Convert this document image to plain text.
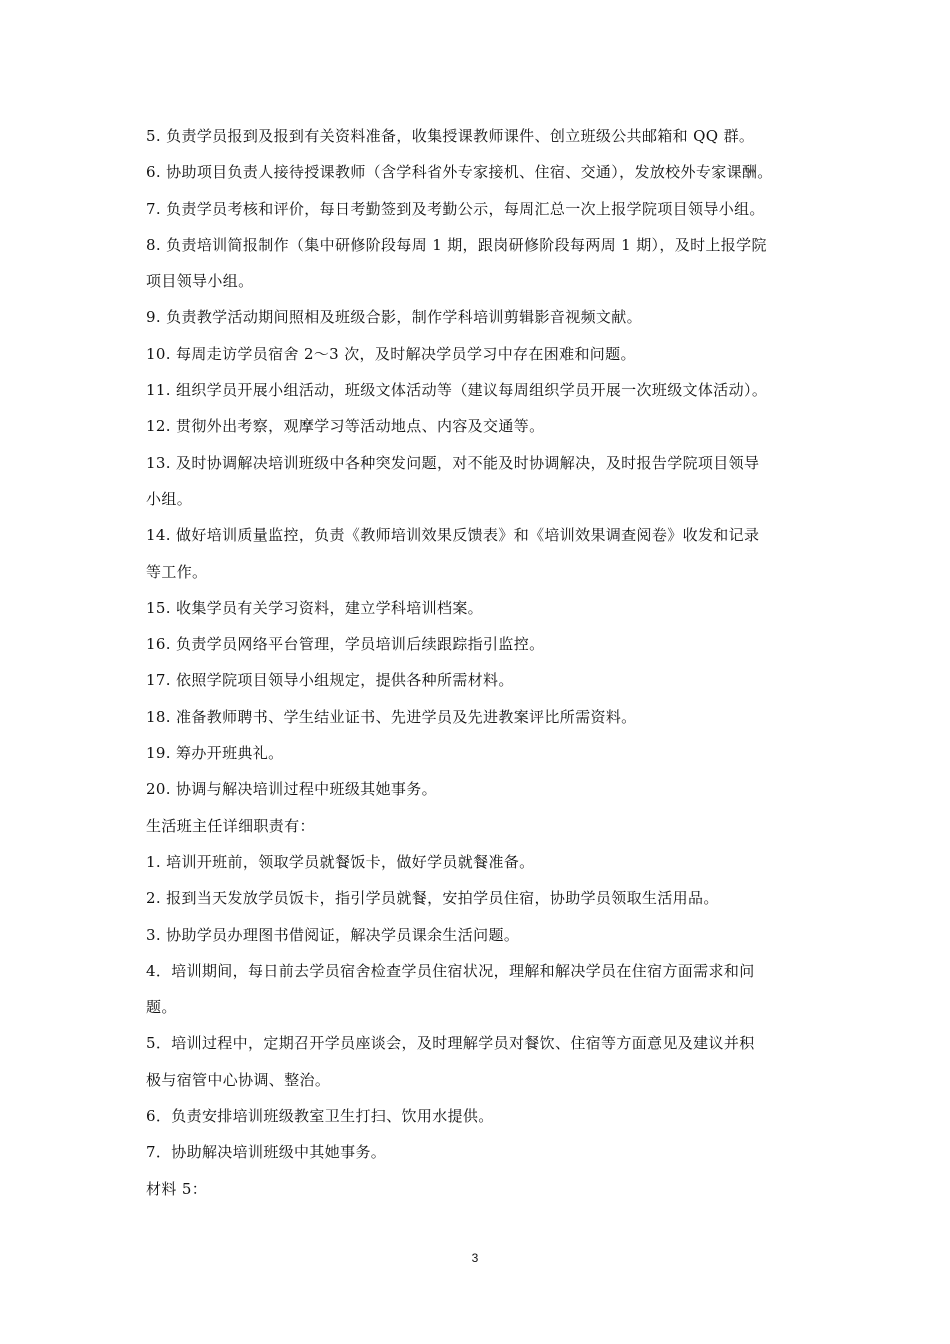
5. 负责学员报到及报到有关资料准备，收集授课教师课件、创立班级公共邮箱和 QQ 群。
6. 协助项目负责人接待授课教师（含学科省外专家接机、住宿、交通），发放校外专家课酬。
7. 负责学员考核和评价，每日考勤签到及考勤公示，每周汇总一次上报学院项目领导小组。
8. 负责培训简报制作（集中研修阶段每周 1 期，跟岗研修阶段每两周 1 期），及时上报学院
项目领导小组。
9. 负责教学活动期间照相及班级合影，制作学科培训剪辑影音视频文献。
10. 每周走访学员宿舍 2～3 次，及时解决学员学习中存在困难和问题。
11. 组织学员开展小组活动，班级文体活动等（建议每周组织学员开展一次班级文体活动）。
12. 贯彻外出考察，观摩学习等活动地点、内容及交通等。
13. 及时协调解决培训班级中各种突发问题，对不能及时协调解决，及时报告学院项目领导
小组。
14. 做好培训质量监控，负责《教师培训效果反馈表》和《培训效果调查阅卷》收发和记录
等工作。
15. 收集学员有关学习资料，建立学科培训档案。
16. 负责学员网络平台管理，学员培训后续跟踪指引监控。
17. 依照学院项目领导小组规定，提供各种所需材料。
18. 准备教师聘书、学生结业证书、先进学员及先进教案评比所需资料。
19. 筹办开班典礼。
20. 协调与解决培训过程中班级其她事务。
生活班主任详细职责有：
1. 培训开班前，领取学员就餐饭卡，做好学员就餐准备。
2. 报到当天发放学员饭卡，指引学员就餐，安拍学员住宿，协助学员领取生活用品。
3. 协助学员办理图书借阅证，解决学员课余生活问题。
4．培训期间，每日前去学员宿舍检查学员住宿状况，理解和解决学员在住宿方面需求和问
题。
5．培训过程中，定期召开学员座谈会，及时理解学员对餐饮、住宿等方面意见及建议并积
极与宿管中心协调、整治。
6．负责安排培训班级教室卫生打扫、饮用水提供。
7．协助解决培训班级中其她事务。
材料 5：
3
